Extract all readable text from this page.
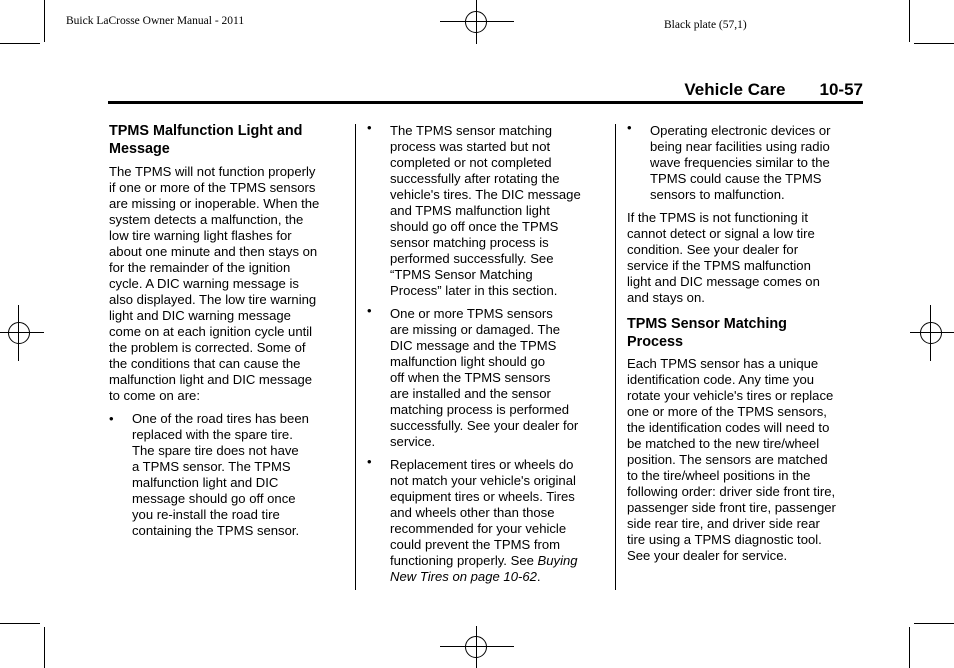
Buick LaCrosse Owner Manual - 2011	Black plate (57,1)
Vehicle Care 10-57
TPMS Malfunction Light and
Message

The TPMS will not function properly
if one or more of the TPMS sensors
are missing or inoperable. When the
system detects a malfunction, the
low tire warning light flashes for
about one minute and then stays on
for the remainder of the ignition
cycle. A DIC warning message is
also displayed. The low tire warning
light and DIC warning message
come on at each ignition cycle until
the problem is corrected. Some of
the conditions that can cause the
malfunction light and DIC message
to come on are:

• One of the road tires has been
replaced with the spare tire.
The spare tire does not have
a TPMS sensor. The TPMS
malfunction light and DIC
message should go off once
you re-install the road tire
containing the TPMS sensor.
• The TPMS sensor matching
process was started but not
completed or not completed
successfully after rotating the
vehicle's tires. The DIC message
and TPMS malfunction light
should go off once the TPMS
sensor matching process is
performed successfully. See
“TPMS Sensor Matching
Process” later in this section.
• One or more TPMS sensors
are missing or damaged. The
DIC message and the TPMS
malfunction light should go
off when the TPMS sensors
are installed and the sensor
matching process is performed
successfully. See your dealer for
service.
• Replacement tires or wheels do
not match your vehicle's original
equipment tires or wheels. Tires
and wheels other than those
recommended for your vehicle
could prevent the TPMS from
functioning properly. See Buying
New Tires on page 10-62.
• Operating electronic devices or
being near facilities using radio
wave frequencies similar to the
TPMS could cause the TPMS
sensors to malfunction.

If the TPMS is not functioning it
cannot detect or signal a low tire
condition. See your dealer for
service if the TPMS malfunction
light and DIC message comes on
and stays on.

TPMS Sensor Matching
Process

Each TPMS sensor has a unique
identification code. Any time you
rotate your vehicle's tires or replace
one or more of the TPMS sensors,
the identification codes will need to
be matched to the new tire/wheel
position. The sensors are matched
to the tire/wheel positions in the
following order: driver side front tire,
passenger side front tire, passenger
side rear tire, and driver side rear
tire using a TPMS diagnostic tool.
See your dealer for service.
